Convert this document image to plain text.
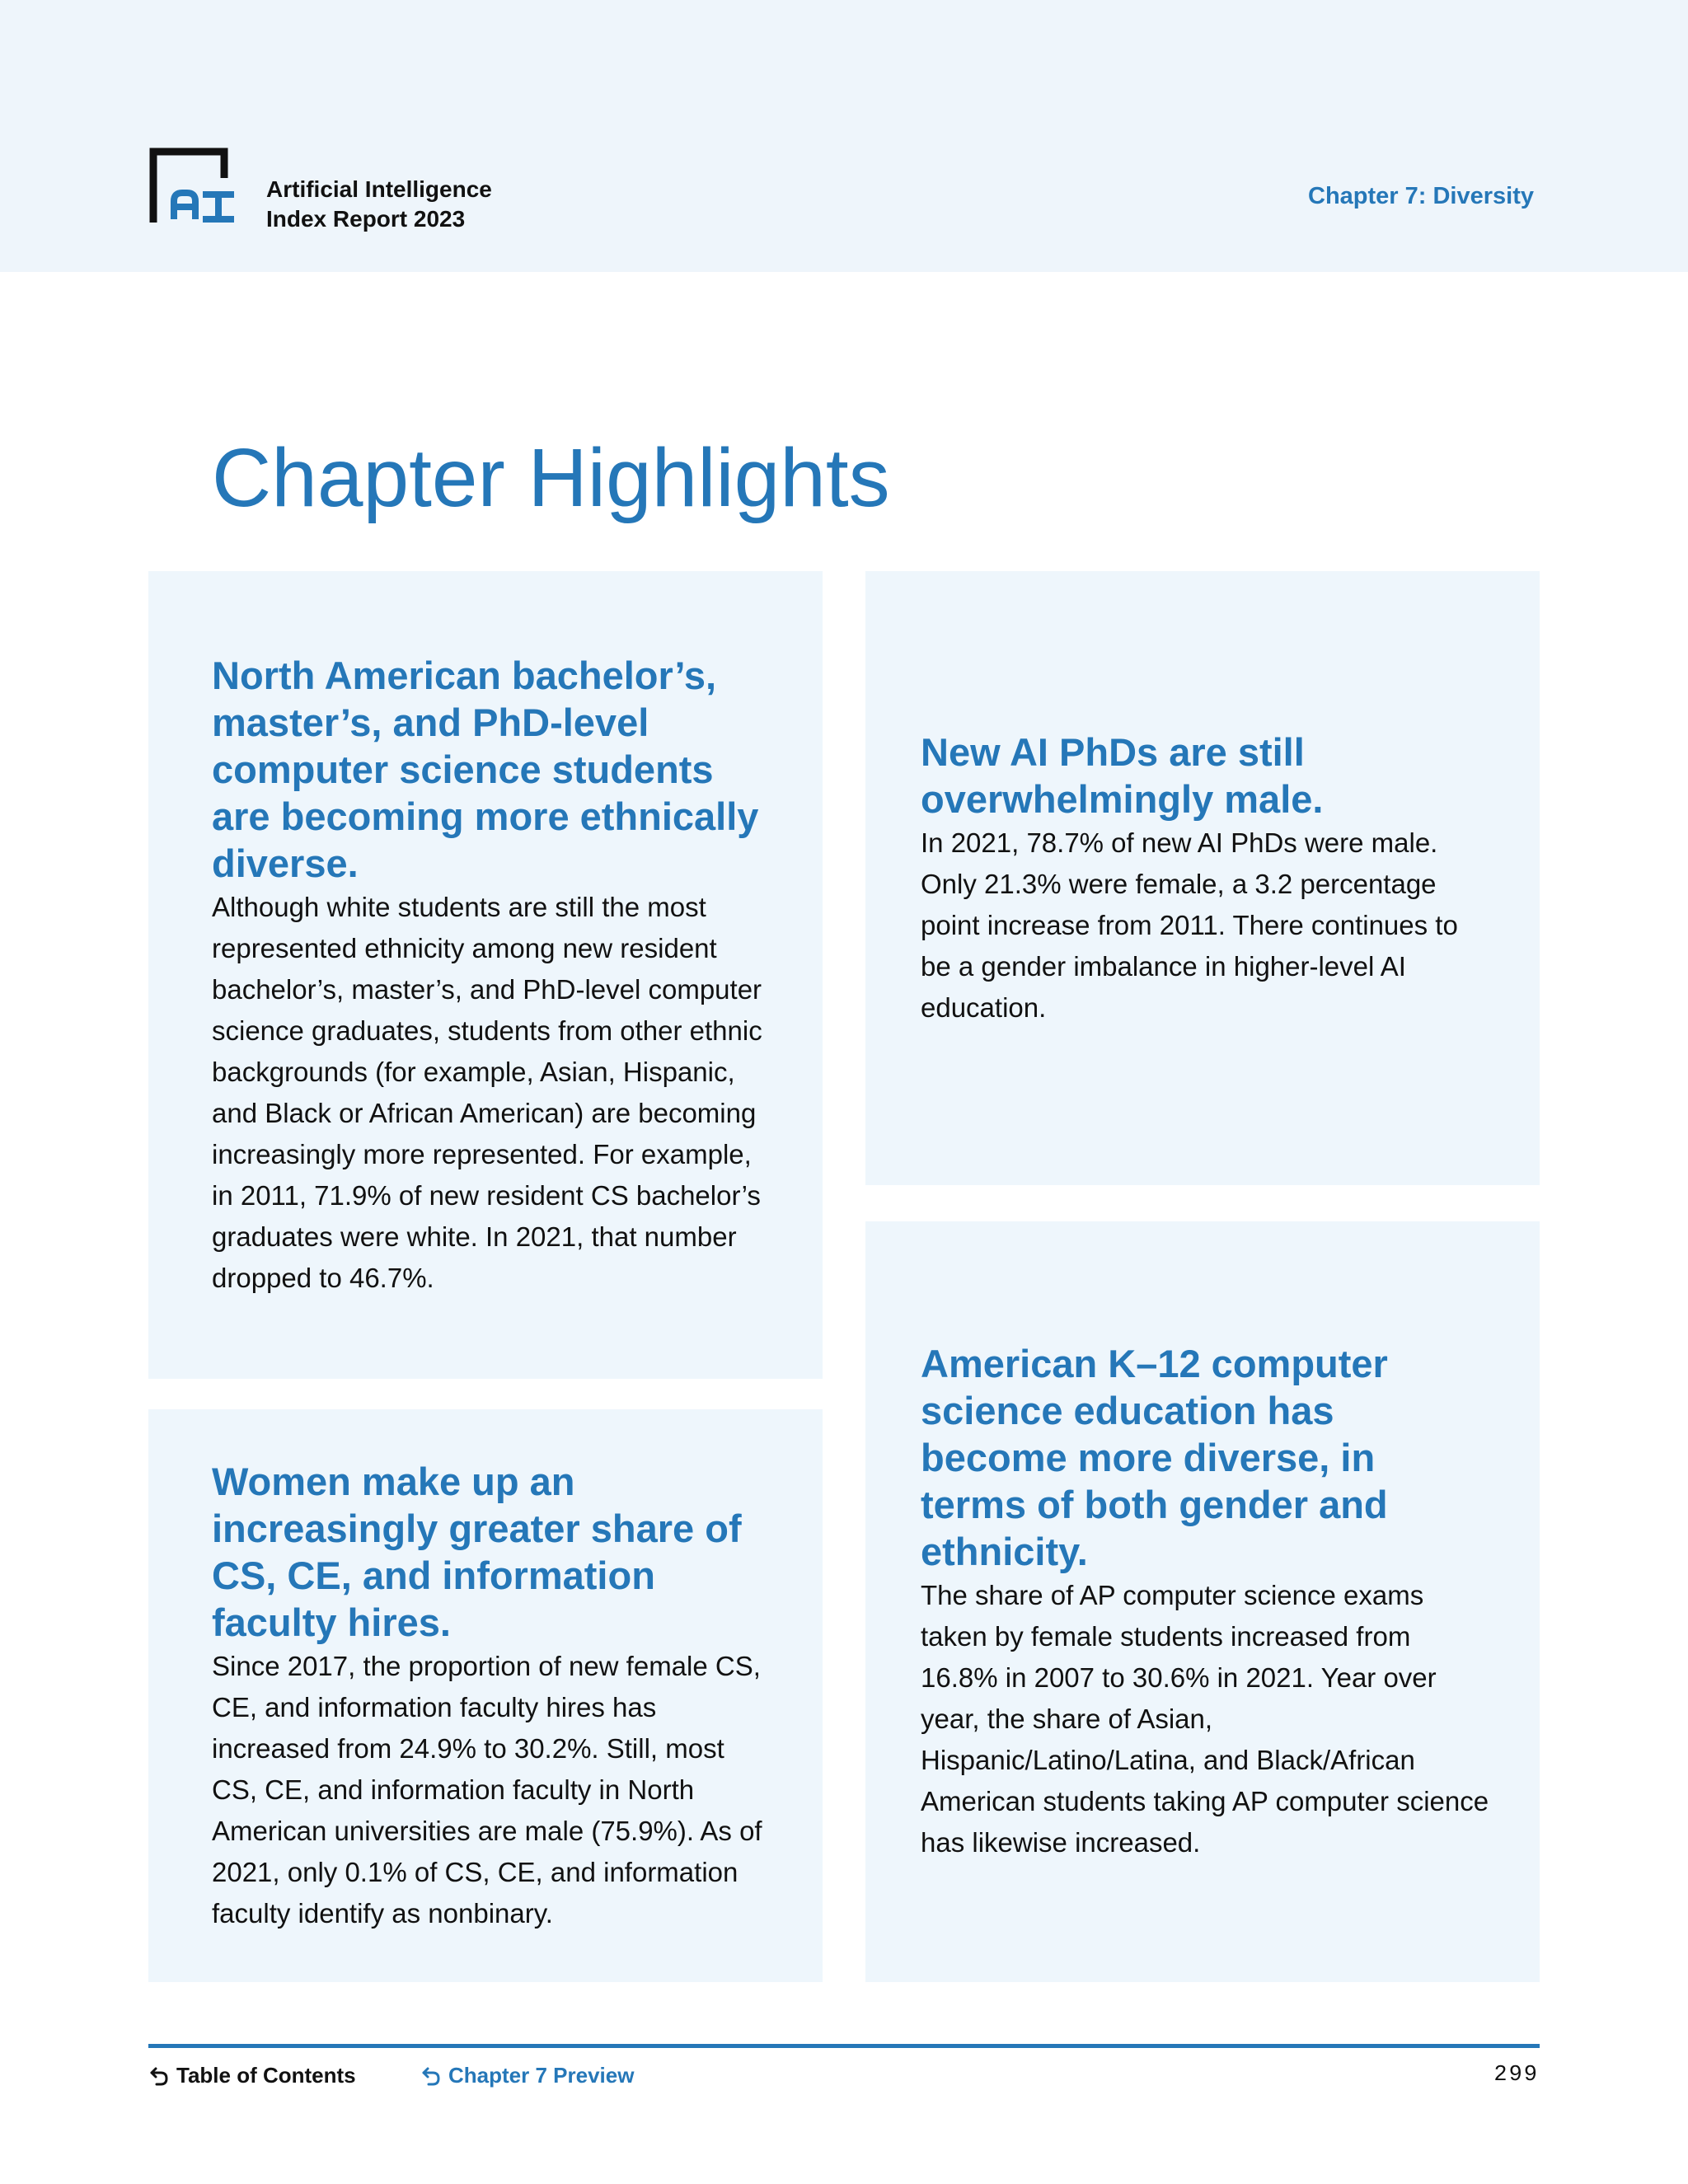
Artificial Intelligence
Index Report 2023
Chapter 7: Diversity
Chapter Highlights
North American bachelor’s, master’s, and PhD-level computer science students are becoming more ethnically diverse.

Although white students are still the most represented ethnicity among new resident bachelor’s, master’s, and PhD-level computer science graduates, students from other ethnic backgrounds (for example, Asian, Hispanic, and Black or African American) are becoming increasingly more represented. For example, in 2011, 71.9% of new resident CS bachelor’s graduates were white. In 2021, that number dropped to 46.7%.

New AI PhDs are still overwhelmingly male.

In 2021, 78.7% of new AI PhDs were male. Only 21.3% were female, a 3.2 percentage point increase from 2011. There continues to be a gender imbalance in higher-level AI education.

Women make up an increasingly greater share of CS, CE, and information faculty hires.

Since 2017, the proportion of new female CS, CE, and information faculty hires has increased from 24.9% to 30.2%. Still, most CS, CE, and information faculty in North American universities are male (75.9%). As of 2021, only 0.1% of CS, CE, and information faculty identify as nonbinary.

American K–12 computer science education has become more diverse, in terms of both gender and ethnicity.

The share of AP computer science exams taken by female students increased from 16.8% in 2007 to 30.6% in 2021. Year over year, the share of Asian, Hispanic/Latino/Latina, and Black/African American students taking AP computer science has likewise increased.

Table of Contents	Chapter 7 Preview	299
